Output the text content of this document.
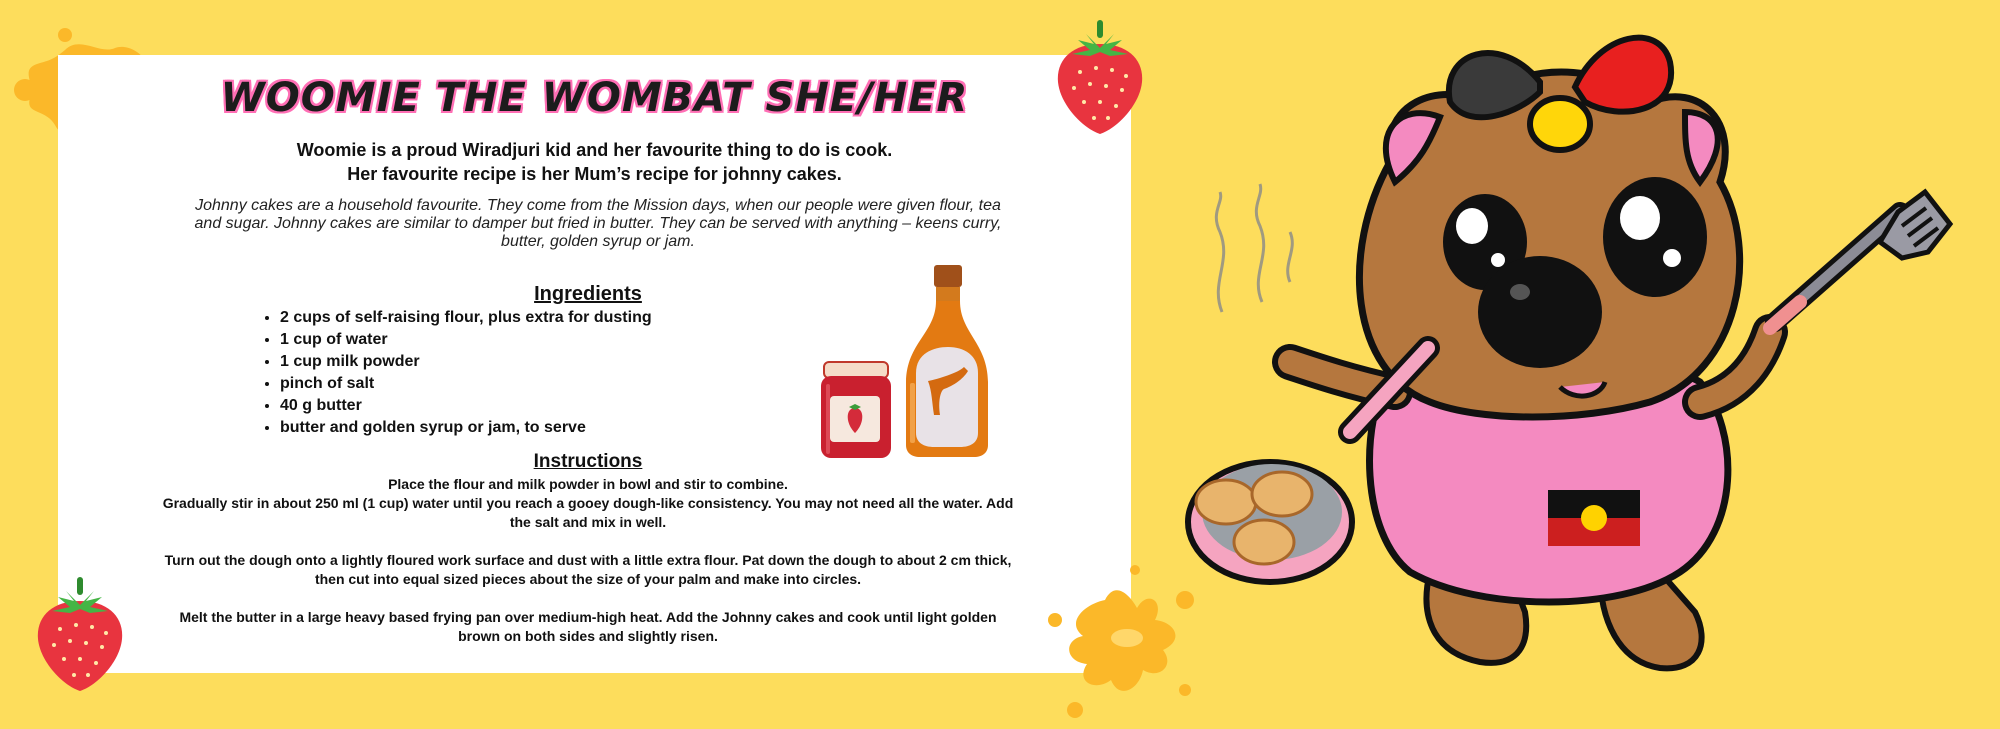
WOOMIE THE WOMBAT SHE/HER
Woomie is a proud Wiradjuri kid and her favourite thing to do is cook.
Her favourite recipe is her Mum’s recipe for johnny cakes.
Johnny cakes are a household favourite. They come from the Mission days, when our people were given flour, tea
and sugar. Johnny cakes are similar to damper but fried in butter. They can be served with anything – keens curry,
butter, golden syrup or jam.
Ingredients
• 2 cups of self-raising flour, plus extra for dusting
• 1 cup of water
• 1 cup milk powder
• pinch of salt
• 40 g butter
• butter and golden syrup or jam, to serve
Instructions

Place the flour and milk powder in bowl and stir to combine.

Gradually stir in about 250 ml (1 cup) water until you reach a gooey dough-like consistency. You may not need all the water. Add

the salt and mix in well.

Turn out the dough onto a lightly floured work surface and dust with a little extra flour. Pat down the dough to about 2 cm thick,

then cut into equal sized pieces about the size of your palm and make into circles.

Melt the butter in a large heavy based frying pan over medium-high heat. Add the Johnny cakes and cook until light golden

brown on both sides and slightly risen.
